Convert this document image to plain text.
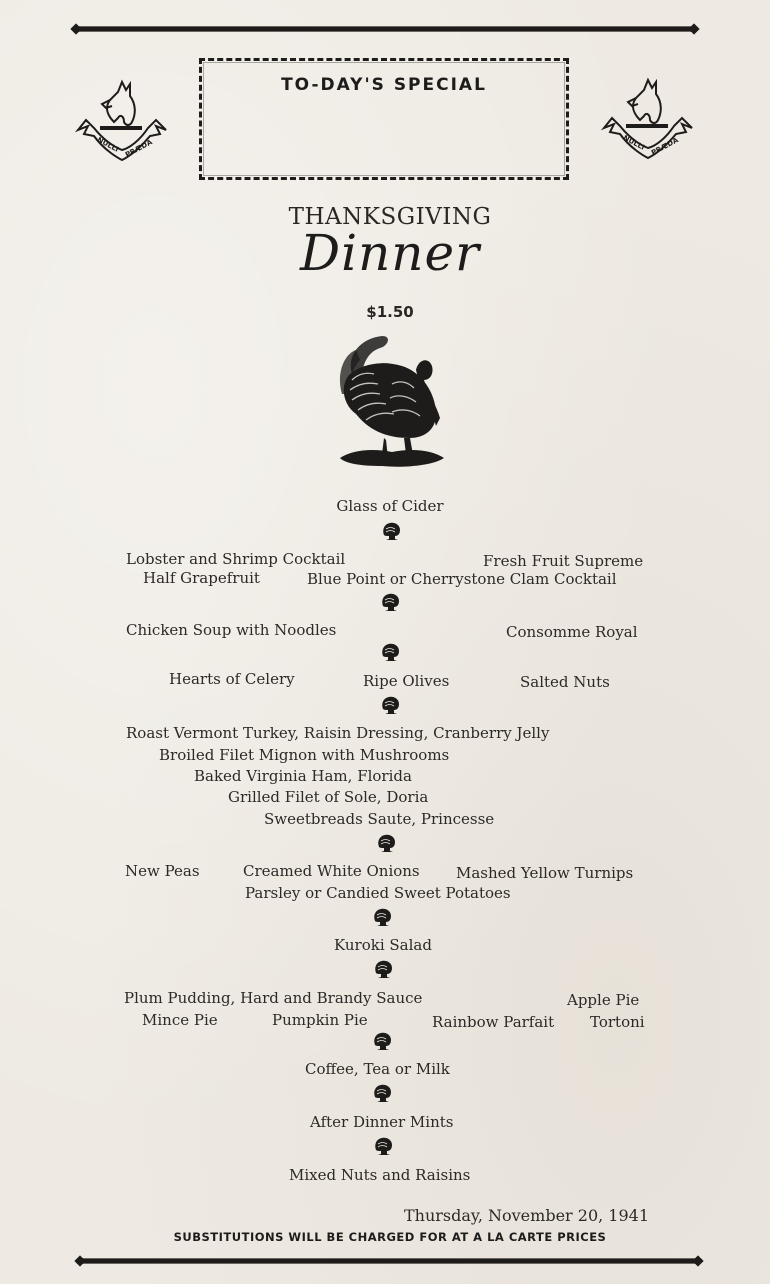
NULLI PRÆDA
TO-DAY'S SPECIAL
NULLI PRÆDA
THANKSGIVING
Dinner
$1.50
Glass of Cider
Lobster and Shrimp Cocktail	Fresh Fruit Supreme
Half Grapefruit	Blue Point or Cherrystone Clam Cocktail
Chicken Soup with Noodles	Consomme Royal
Hearts of Celery	Ripe Olives	Salted Nuts
Roast Vermont Turkey, Raisin Dressing, Cranberry Jelly
Broiled Filet Mignon with Mushrooms
Baked Virginia Ham, Florida
Grilled Filet of Sole, Doria
Sweetbreads Saute, Princesse
New Peas	Creamed White Onions Mashed Yellow Turnips
Parsley or Candied Sweet Potatoes
Kuroki Salad
Plum Pudding, Hard and Brandy Sauce	Apple Pie
Mince Pie	Pumpkin Pie	Rainbow Parfait Tortoni
Coffee, Tea or Milk
After Dinner Mints
Mixed Nuts and Raisins
Thursday, November 20, 1941
SUBSTITUTIONS WILL BE CHARGED FOR AT A LA CARTE PRICES
